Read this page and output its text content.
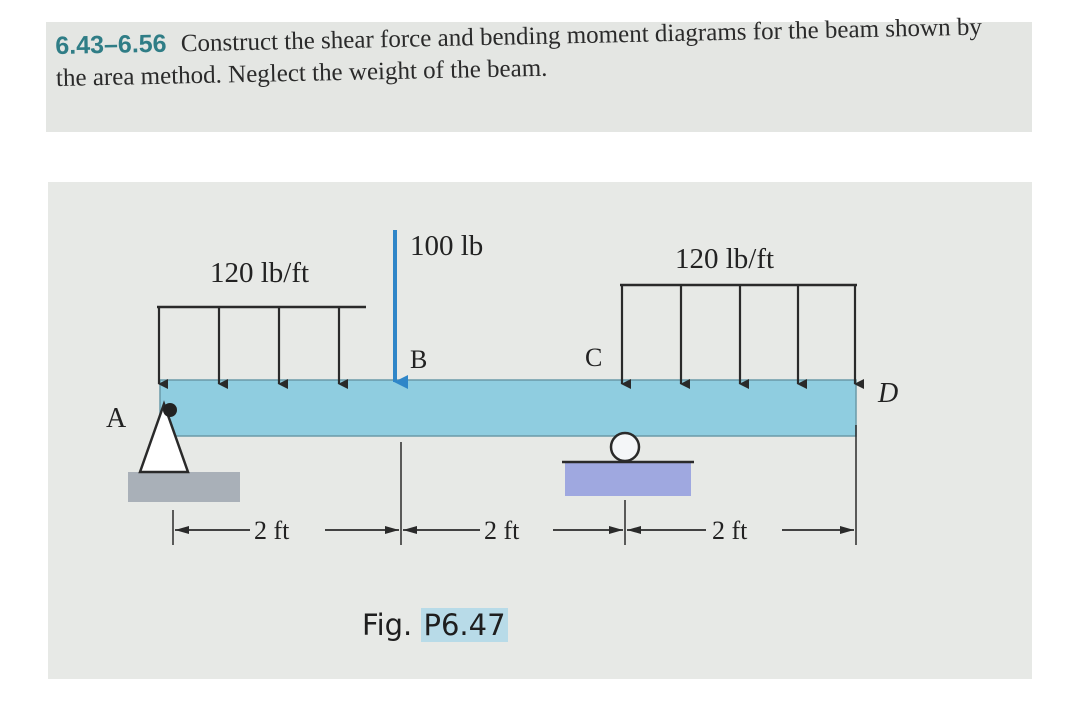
6.43–6.56 Construct the shear force and bending moment diagrams for the beam shown by the area method. Neglect the weight of the beam.
A
B	C
D
120 lb/ft
100 lb	120 lb/ft
2 ft	2 ft	2 ft
Fig. P6.47
